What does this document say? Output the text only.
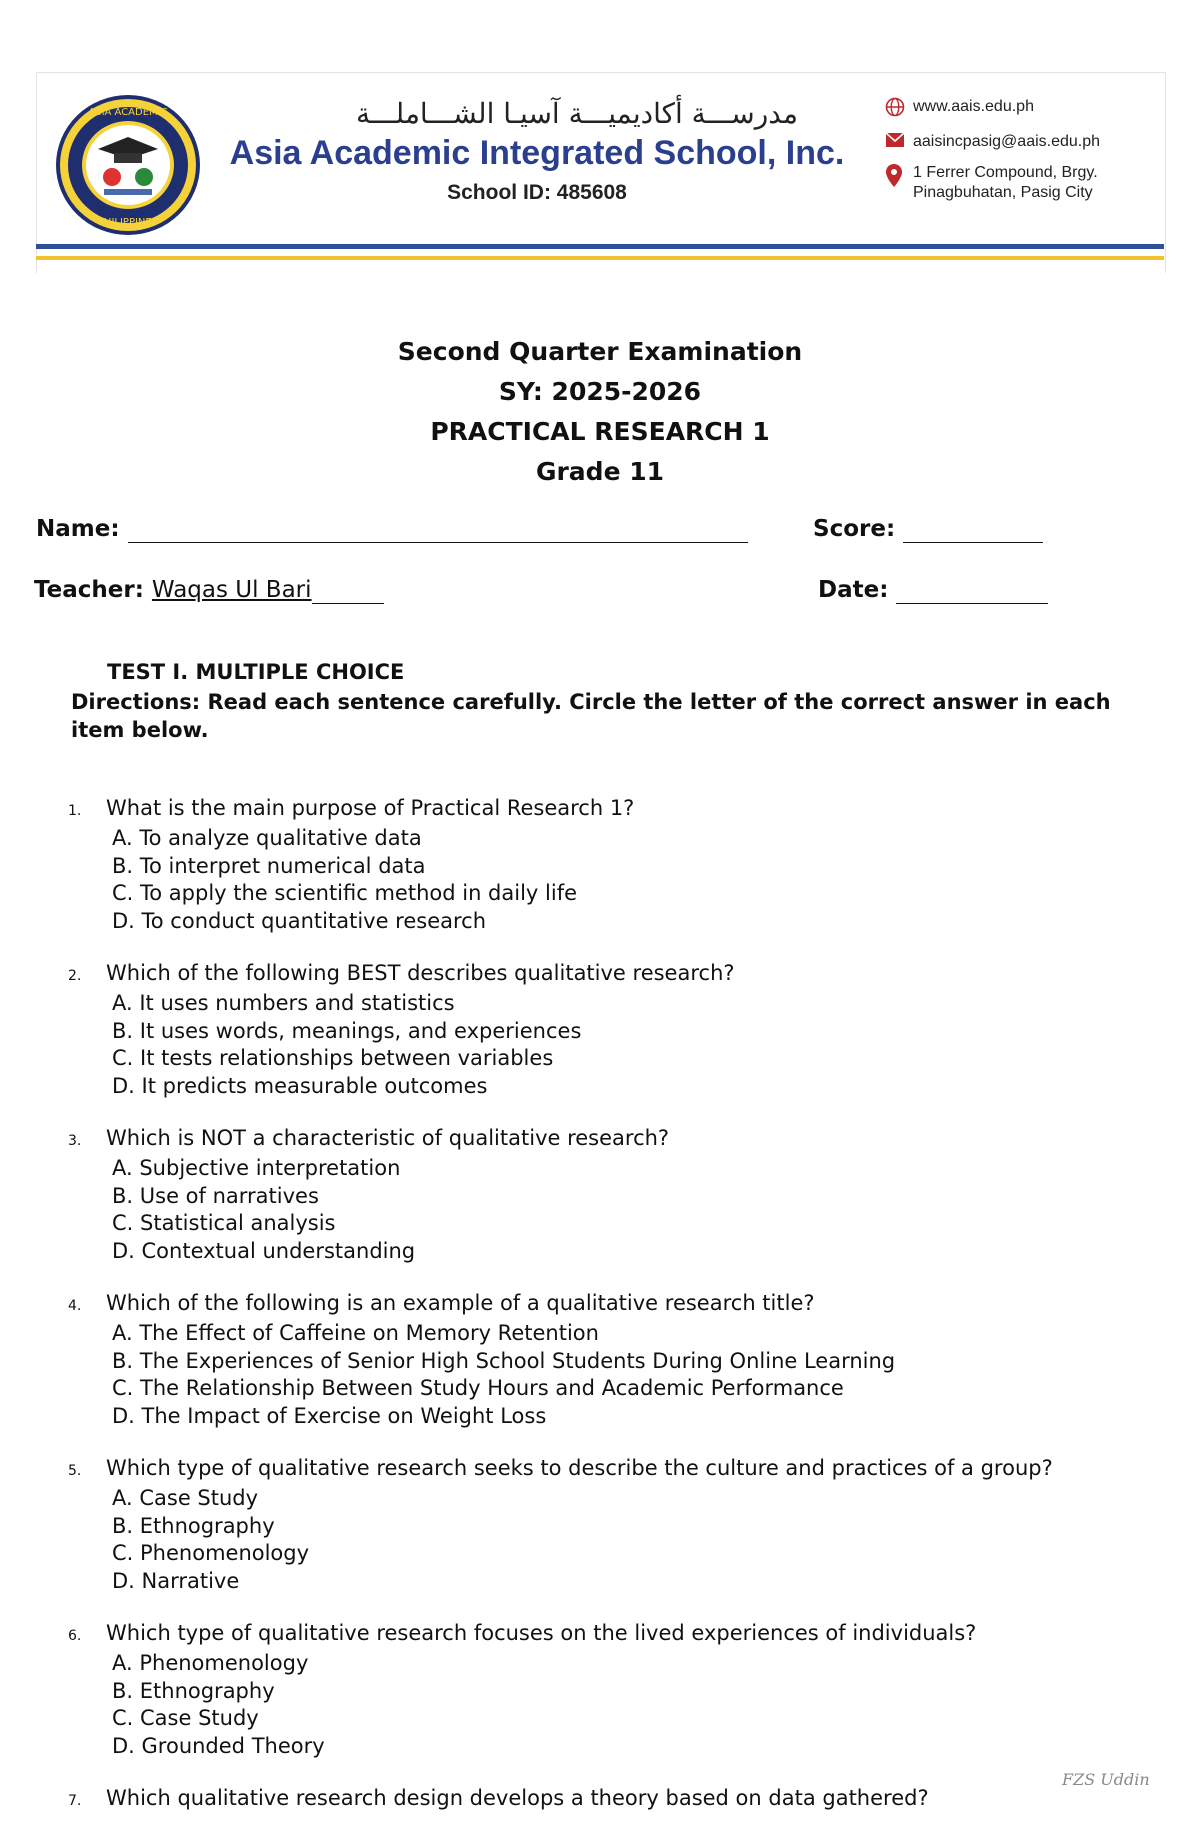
ASIA ACADEMIC
PHILIPPINES
مدرســـة أكاديميـــة آسيـا الشـــاملـــة
Asia Academic Integrated School, Inc.
School ID: 485608
www.aais.edu.ph
aaisincpasig@aais.edu.ph
1 Ferrer Compound, Brgy.
Pinagbuhatan, Pasig City
Second Quarter Examination
SY: 2025-2026
PRACTICAL RESEARCH 1
Grade 11
Name:	Score:
Teacher: Waqas Ul Bari	Date:
TEST I. MULTIPLE CHOICE
Directions: Read each sentence carefully. Circle the letter of the correct answer in each item below.
1.	What is the main purpose of Practical Research 1?
A. To analyze qualitative data
B. To interpret numerical data
C. To apply the scientific method in daily life
D. To conduct quantitative research
2.	Which of the following BEST describes qualitative research?
A. It uses numbers and statistics
B. It uses words, meanings, and experiences
C. It tests relationships between variables
D. It predicts measurable outcomes
3.	Which is NOT a characteristic of qualitative research?
A. Subjective interpretation
B. Use of narratives
C. Statistical analysis
D. Contextual understanding
4.	Which of the following is an example of a qualitative research title?
A. The Effect of Caffeine on Memory Retention
B. The Experiences of Senior High School Students During Online Learning
C. The Relationship Between Study Hours and Academic Performance
D. The Impact of Exercise on Weight Loss
5.	Which type of qualitative research seeks to describe the culture and practices of a group?
A. Case Study
B. Ethnography
C. Phenomenology
D. Narrative
6.	Which type of qualitative research focuses on the lived experiences of individuals?
A. Phenomenology
B. Ethnography
C. Case Study
D. Grounded Theory
7.	Which qualitative research design develops a theory based on data gathered?
FZS Uddin
